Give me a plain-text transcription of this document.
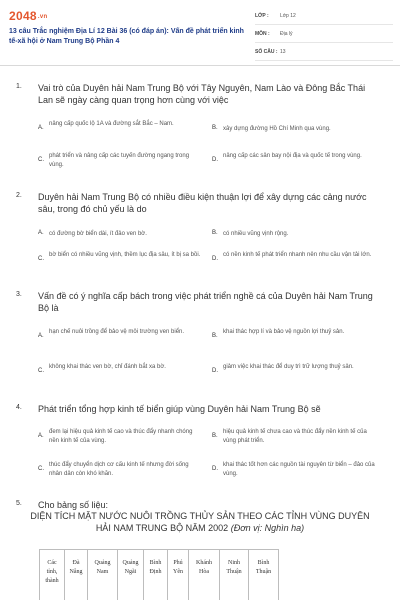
2048.vn
13 câu Trắc nghiệm Địa Lí 12 Bài 36 (có đáp án): Vấn đề phát triển kinh tế-xã hội ở Nam Trung Bộ Phần 4
LỚP : Lớp 12
MÔN : Địa lý
SỐ CÂU : 13
1. Vai trò của Duyên hải Nam Trung Bộ với Tây Nguyên, Nam Lào và Đông Bắc Thái Lan sẽ ngày càng quan trọng hơn cùng với việc
A.
nâng cấp quốc lộ 1A và đường sắt Bắc – Nam.
B. xây dựng đường Hồ Chí Minh qua vùng.
C.
phát triển và nâng cấp các tuyến đường ngang trong vùng.
D.
nâng cấp các sân bay nội địa và quốc tế trong vùng.
2. Duyên hải Nam Trung Bộ có nhiều điều kiện thuận lợi để xây dựng các cảng nước sâu, trong đó chủ yếu là do
A. có đường bờ biển dài, ít đảo ven bờ.	B. có nhiều vũng vịnh rộng.
C.
bờ biển có nhiều vũng vịnh, thềm lục địa sâu, ít bị sa bồi.
D.
có nền kinh tế phát triển nhanh nên nhu cầu vận tải lớn.
3. Vấn đề có ý nghĩa cấp bách trong việc phát triển nghề cá của Duyên hải Nam Trung Bộ là
A.
hạn chế nuôi trồng để bảo vệ môi trường ven biển.
B.
khai thác hợp lí và bảo vệ nguồn lợi thuỷ sản.
C.
không khai thác ven bờ, chỉ đánh bắt xa bờ.
D.
giảm việc khai thác để duy trì trữ lượng thuỷ sản.
4. Phát triển tổng hợp kinh tế biển giúp vùng Duyên hải Nam Trung Bộ sẽ
A.
đem lại hiệu quả kinh tế cao và thúc đẩy nhanh chóng nền kinh tế của vùng.
B.
hiệu quả kinh tế chưa cao và thúc đẩy nền kinh tế của vùng phát triển.
C.
thúc đẩy chuyển dịch cơ cấu kinh tế nhưng đời sống nhân dân còn khó khăn.
D.
khai thác tốt hơn các nguồn tài nguyên từ biển – đảo của vùng.
5. Cho bảng số liệu:
DIỆN TÍCH MẶT NƯỚC NUÔI TRỒNG THỦY SẢN THEO CÁC TỈNH VÙNG DUYÊN HẢI NAM TRUNG BỘ NĂM 2002 (Đơn vị: Nghìn ha)
Các tỉnh, thành	Đà Nẵng	Quảng Nam	Quảng Ngãi	Bình Định	Phú Yên	Khánh Hòa	Ninh Thuận	Bình Thuận
